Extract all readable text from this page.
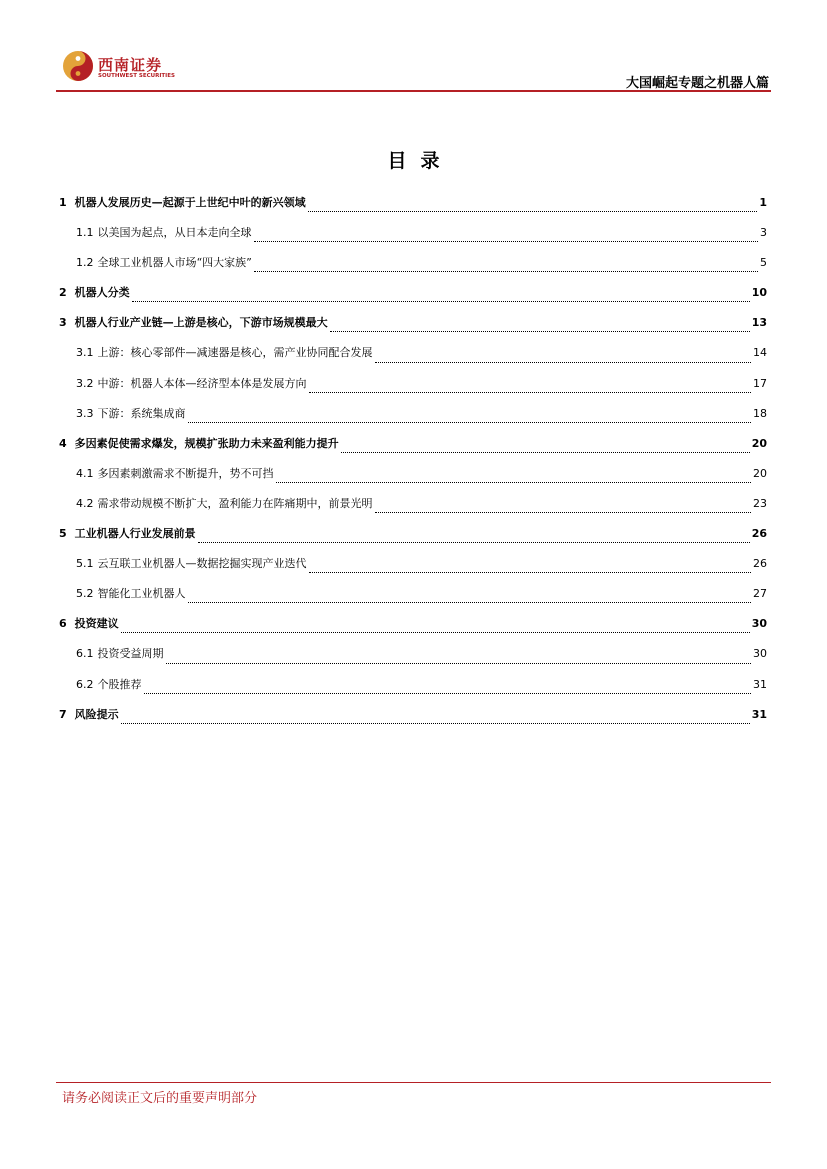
西南证券
SOUTHWEST SECURITIES	大国崛起专题之机器人篇
目录
1 机器人发展历史—起源于上世纪中叶的新兴领域	1
1.1 以美国为起点，从日本走向全球	3
1.2 全球工业机器人市场“四大家族”	5
2 机器人分类	10
3 机器人行业产业链—上游是核心，下游市场规模最大	13
3.1 上游：核心零部件—减速器是核心，需产业协同配合发展	14
3.2 中游：机器人本体—经济型本体是发展方向	17
3.3 下游：系统集成商	18
4 多因素促使需求爆发，规模扩张助力未来盈利能力提升	20
4.1 多因素刺激需求不断提升，势不可挡	20
4.2 需求带动规模不断扩大，盈利能力在阵痛期中，前景光明	23
5 工业机器人行业发展前景	26
5.1 云互联工业机器人—数据挖掘实现产业迭代	26
5.2 智能化工业机器人	27
6 投资建议	30
6.1 投资受益周期	30
6.2 个股推荐	31
7 风险提示	31
请务必阅读正文后的重要声明部分
